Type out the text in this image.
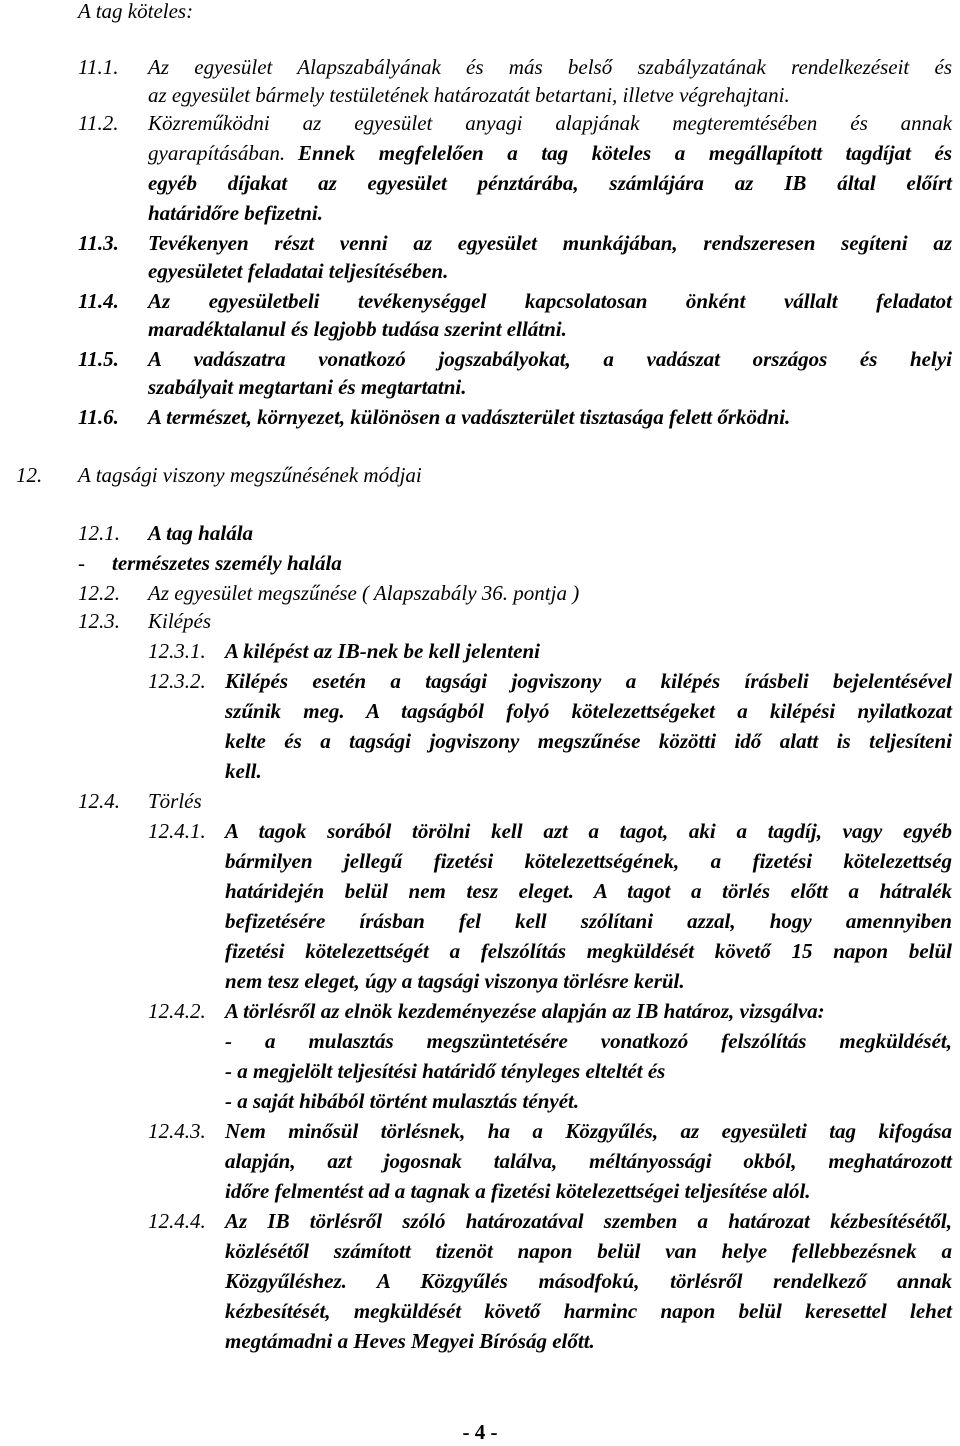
A tag köteles:
11.1. Az egyesület Alapszabályának és más belső szabályzatának rendelkezéseit és
az egyesület bármely testületének határozatát betartani, illetve végrehajtani.
11.2. Közreműködni az egyesület anyagi alapjának megteremtésében és annak
gyarapításában. Ennek megfelelően a tag köteles a megállapított tagdíjat és
egyéb díjakat az egyesület pénztárába, számlájára az IB által előírt
határidőre befizetni.
11.3. Tevékenyen részt venni az egyesület munkájában, rendszeresen segíteni az
egyesületet feladatai teljesítésében.
11.4. Az egyesületbeli tevékenységgel kapcsolatosan önként vállalt feladatot
maradéktalanul és legjobb tudása szerint ellátni.
11.5. A vadászatra vonatkozó jogszabályokat, a vadászat országos és helyi
szabályait megtartani és megtartatni.
11.6. A természet, környezet, különösen a vadászterület tisztasága felett őrködni.
12. A tagsági viszony megszűnésének módjai
12.1. A tag halála
- természetes személy halála
12.2. Az egyesület megszűnése ( Alapszabály 36. pontja )
12.3. Kilépés
12.3.1. A kilépést az IB-nek be kell jelenteni
12.3.2. Kilépés esetén a tagsági jogviszony a kilépés írásbeli bejelentésével
szűnik meg. A tagságból folyó kötelezettségeket a kilépési nyilatkozat
kelte és a tagsági jogviszony megszűnése közötti idő alatt is teljesíteni
kell.
12.4. Törlés
12.4.1. A tagok sorából törölni kell azt a tagot, aki a tagdíj, vagy egyéb
bármilyen jellegű fizetési kötelezettségének, a fizetési kötelezettség
határidején belül nem tesz eleget. A tagot a törlés előtt a hátralék
befizetésére írásban fel kell szólítani azzal, hogy amennyiben
fizetési kötelezettségét a felszólítás megküldését követő 15 napon belül
nem tesz eleget, úgy a tagsági viszonya törlésre kerül.
12.4.2. A törlésről az elnök kezdeményezése alapján az IB határoz, vizsgálva:
- a mulasztás megszüntetésére vonatkozó felszólítás megküldését,
- a megjelölt teljesítési határidő tényleges elteltét és
- a saját hibából történt mulasztás tényét.
12.4.3. Nem minősül törlésnek, ha a Közgyűlés, az egyesületi tag kifogása
alapján, azt jogosnak találva, méltányossági okból, meghatározott
időre felmentést ad a tagnak a fizetési kötelezettségei teljesítése alól.
12.4.4. Az IB törlésről szóló határozatával szemben a határozat kézbesítésétől,
közlésétől számított tizenöt napon belül van helye fellebbezésnek a
Közgyűléshez. A Közgyűlés másodfokú, törlésről rendelkező annak
kézbesítését, megküldését követő harminc napon belül keresettel lehet
megtámadni a Heves Megyei Bíróság előtt.
- 4 -
